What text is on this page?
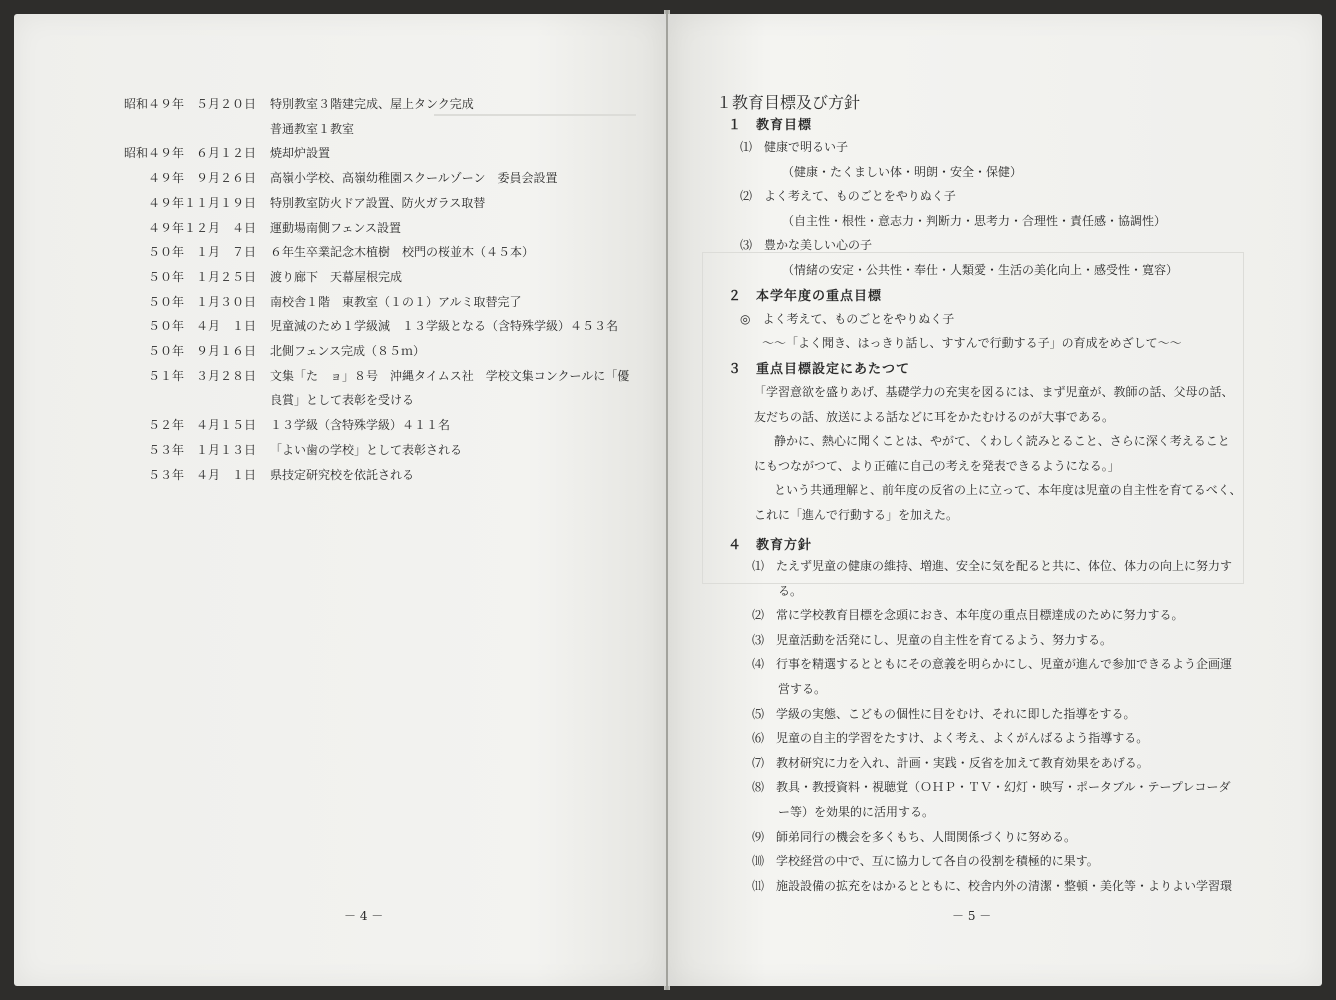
昭和４９年　５月２０日 特別教室３階建完成、屋上タンク完成
普通教室１教室
昭和４９年　６月１２日 焼却炉設置
４９年　９月２６日 高嶺小学校、高嶺幼稚園スクールゾーン　委員会設置
４９年１１月１９日 特別教室防火ドア設置、防火ガラス取替
４９年１２月　４日 運動場南側フェンス設置
５０年　１月　７日 ６年生卒業記念木植樹　校門の桜並木（４５本）
５０年　１月２５日 渡り廊下　天幕屋根完成
５０年　１月３０日 南校舎１階　東教室（１の１）アルミ取替完了
５０年　４月　１日 児童減のため１学級減　１３学級となる（含特殊学級）４５３名
５０年　９月１６日 北側フェンス完成（８５ｍ）
５１年　３月２８日 文集「た　ョ」８号　沖縄タイムス社　学校文集コンクールに「優
良賞」として表彰を受ける
５２年　４月１５日 １３学級（含特殊学級）４１１名
５３年　１月１３日 「よい歯の学校」として表彰される
５３年　４月　１日 県技定研究校を依託される
－ 4 －
１教育目標及び方針
１　教育目標
⑴　健康で明るい子
（健康・たくましい体・明朗・安全・保健）
⑵　よく考えて、ものごとをやりぬく子
（自主性・根性・意志力・判断力・思考力・合理性・責任感・協調性）
⑶　豊かな美しい心の子
（情緒の安定・公共性・奉仕・人類愛・生活の美化向上・感受性・寛容）
２　本学年度の重点目標
◎　よく考えて、ものごとをやりぬく子
〜〜「よく聞き、はっきり話し、すすんで行動する子」の育成をめざして〜〜
３　重点目標設定にあたつて
「学習意欲を盛りあげ、基礎学力の充実を図るには、まず児童が、教師の話、父母の話、
友だちの話、放送による話などに耳をかたむけるのが大事である。
静かに、熱心に聞くことは、やがて、くわしく読みとること、さらに深く考えること
にもつながつて、より正確に自己の考えを発表できるようになる。」
という共通理解と、前年度の反省の上に立って、本年度は児童の自主性を育てるべく、
これに「進んで行動する」を加えた。
４　教育方針
⑴　たえず児童の健康の維持、増進、安全に気を配ると共に、体位、体力の向上に努力す
る。
⑵　常に学校教育目標を念頭におき、本年度の重点目標達成のために努力する。
⑶　児童活動を活発にし、児童の自主性を育てるよう、努力する。
⑷　行事を精選するとともにその意義を明らかにし、児童が進んで参加できるよう企画運
営する。
⑸　学級の実態、こどもの個性に目をむけ、それに即した指導をする。
⑹　児童の自主的学習をたすけ、よく考え、よくがんばるよう指導する。
⑺　教材研究に力を入れ、計画・実践・反省を加えて教育効果をあげる。
⑻　教具・教授資料・視聴覚（ＯＨＰ・ＴＶ・幻灯・映写・ポータブル・テープレコーダ
ー等）を効果的に活用する。
⑼　師弟同行の機会を多くもち、人間関係づくりに努める。
⑽　学校経営の中で、互に協力して各自の役割を積極的に果す。
⑾　施設設備の拡充をはかるとともに、校舎内外の清潔・整頓・美化等・よりよい学習環
－ 5 －
